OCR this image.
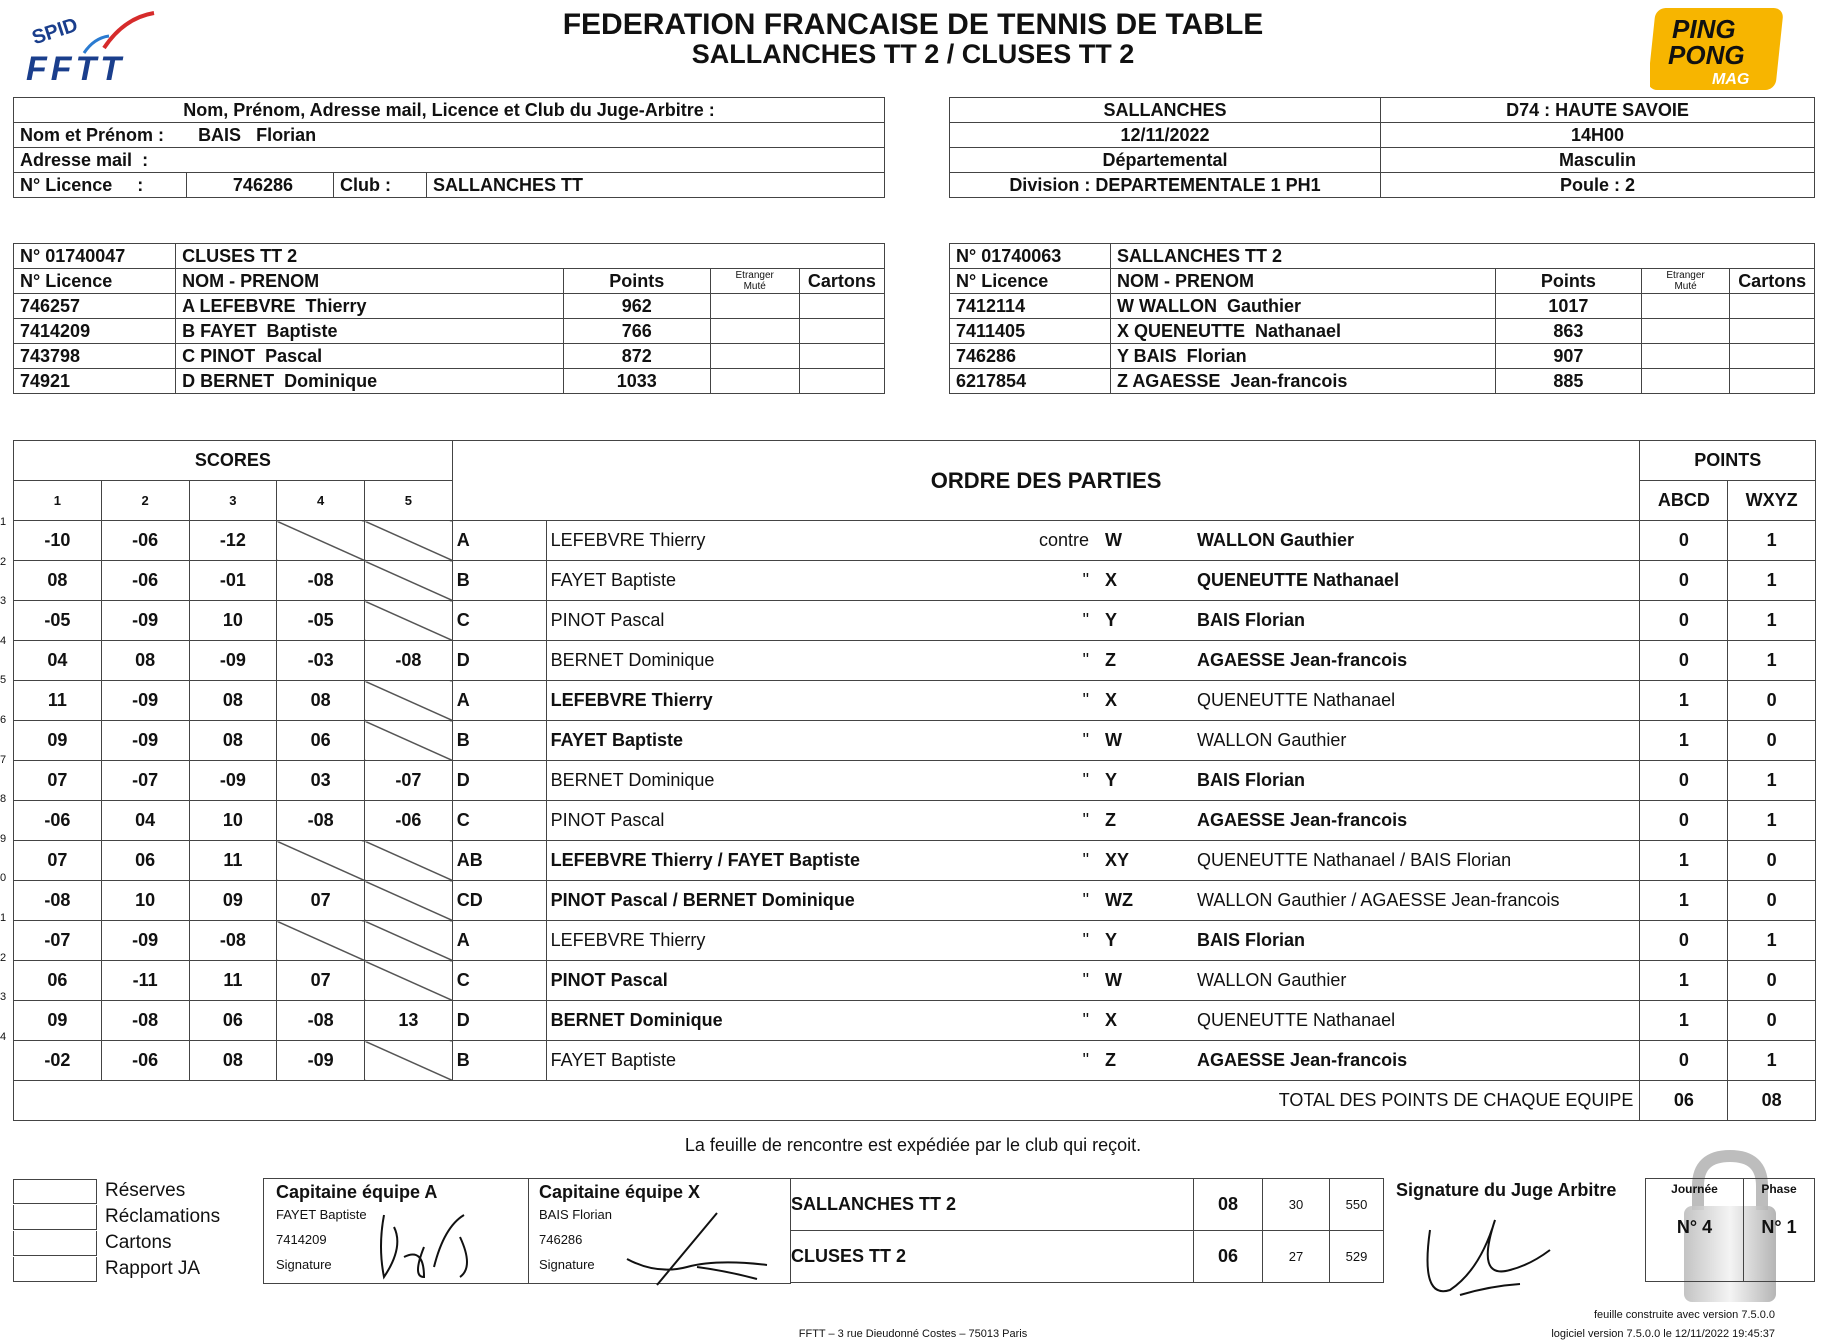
SPID
FFTT
PING
PONG
MAG
FEDERATION FRANCAISE DE TENNIS DE TABLE
SALLANCHES TT 2 / CLUSES TT 2
Nom, Prénom, Adresse mail, Licence et Club du Juge-Arbitre :
Nom et Prénom : BAIS   Florian
Adresse mail  :
N° Licence     :	746286	Club :	SALLANCHES TT
SALLANCHES	D74 : HAUTE SAVOIE
12/11/2022	14H00
Départemental	Masculin
Division : DEPARTEMENTALE 1 PH1	Poule : 2
N° 01740047	CLUSES TT 2			
N° Licence	NOM - PRENOM	Points	Etranger
Muté	Cartons
746257	A LEFEBVRE  Thierry	962		
7414209	B FAYET  Baptiste	766		
743798	C PINOT  Pascal	872		
74921	D BERNET  Dominique	1033		
N° 01740063	SALLANCHES TT 2			
N° Licence	NOM - PRENOM	Points	Etranger
Muté	Cartons
7412114	W WALLON  Gauthier	1017		
7411405	X QUENEUTTE  Nathanael	863		
746286	Y BAIS  Florian	907		
6217854	Z AGAESSE  Jean-francois	885		
SCORES					ORDRE DES PARTIES					POINTS	
1	2	3	4	5						ABCD	WXYZ
-10	-06	-12			A	LEFEBVRE Thierry	contre	W	WALLON Gauthier	0	1
08	-06	-01	-08		B	FAYET Baptiste	"	X	QUENEUTTE Nathanael	0	1
-05	-09	10	-05		C	PINOT Pascal	"	Y	BAIS Florian	0	1
04	08	-09	-03	-08	D	BERNET Dominique	"	Z	AGAESSE Jean-francois	0	1
11	-09	08	08		A	LEFEBVRE Thierry	"	X	QUENEUTTE Nathanael	1	0
09	-09	08	06		B	FAYET Baptiste	"	W	WALLON Gauthier	1	0
07	-07	-09	03	-07	D	BERNET Dominique	"	Y	BAIS Florian	0	1
-06	04	10	-08	-06	C	PINOT Pascal	"	Z	AGAESSE Jean-francois	0	1
07	06	11			AB	LEFEBVRE Thierry / FAYET Baptiste	"	XY	QUENEUTTE Nathanael / BAIS Florian	1	0
-08	10	09	07		CD	PINOT Pascal / BERNET Dominique	"	WZ	WALLON Gauthier / AGAESSE Jean-francois	1	0
-07	-09	-08			A	LEFEBVRE Thierry	"	Y	BAIS Florian	0	1
06	-11	11	07		C	PINOT Pascal	"	W	WALLON Gauthier	1	0
09	-08	06	-08	13	D	BERNET Dominique	"	X	QUENEUTTE Nathanael	1	0
-02	-06	08	-09		B	FAYET Baptiste	"	Z	AGAESSE Jean-francois	0	1
TOTAL DES POINTS DE CHAQUE EQUIPE										06	08
1
2
3
4
5
6
7
8
9
0
1
2
3
4
La feuille de rencontre est expédiée par le club qui reçoit.
Réserves
Réclamations
Cartons
Rapport JA
Capitaine équipe A
FAYET Baptiste
7414209
Signature
Capitaine équipe X
BAIS Florian
746286
Signature
SALLANCHES TT 2	08	30	550
CLUSES TT 2	06	27	529
Signature du Juge Arbitre	Journée	Phase
N° 4	N° 1
feuille construite avec version 7.5.0.0
FFTT – 3 rue Dieudonné Costes – 75013 Paris	logiciel version 7.5.0.0 le 12/11/2022 19:45:37
